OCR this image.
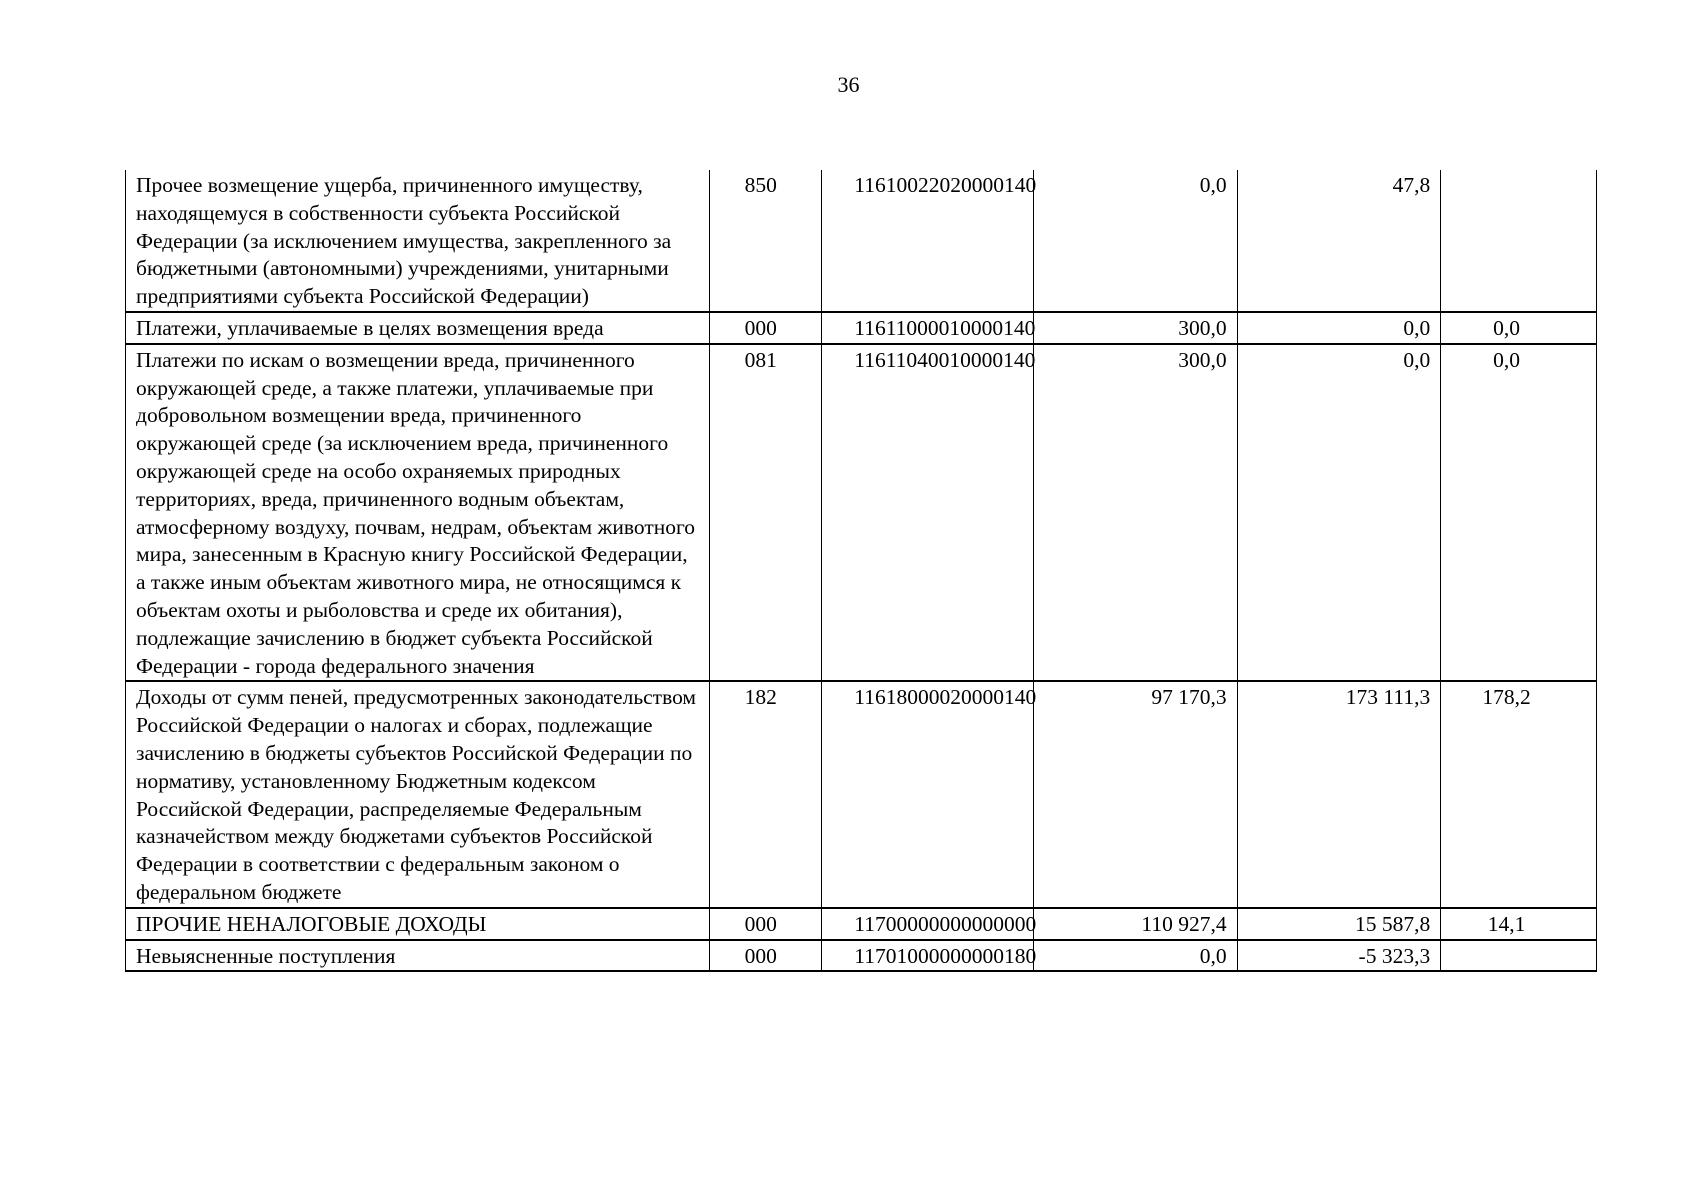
36
Прочее возмещение ущерба, причиненного имуществу, находящемуся в собственности субъекта Российской Федерации (за исключением имущества, закрепленного за бюджетными (автономными) учреждениями, унитарными предприятиями субъекта Российской Федерации)	850	11610022020000140	0,0	47,8	
Платежи, уплачиваемые в целях возмещения вреда	000	11611000010000140	300,0	0,0	0,0
Платежи по искам о возмещении вреда, причиненного окружающей среде, а также платежи, уплачиваемые при добровольном возмещении вреда, причиненного окружающей среде (за исключением вреда, причиненного окружающей среде на особо охраняемых природных территориях, вреда, причиненного водным объектам, атмосферному воздуху, почвам, недрам, объектам животного мира, занесенным в Красную книгу Российской Федерации, а также иным объектам животного мира, не относящимся к объектам охоты и рыболовства и среде их обитания), подлежащие зачислению в бюджет субъекта Российской Федерации - города федерального значения	081	11611040010000140	300,0	0,0	0,0
Доходы от сумм пеней, предусмотренных законодательством Российской Федерации о налогах и сборах, подлежащие зачислению в бюджеты субъектов Российской Федерации по нормативу, установленному Бюджетным кодексом Российской Федерации, распределяемые Федеральным казначейством между бюджетами субъектов Российской Федерации в соответствии с федеральным законом о федеральном бюджете	182	11618000020000140	97 170,3	173 111,3	178,2
ПРОЧИЕ НЕНАЛОГОВЫЕ ДОХОДЫ	000	11700000000000000	110 927,4	15 587,8	14,1
Невыясненные поступления	000	11701000000000180	0,0	-5 323,3	
